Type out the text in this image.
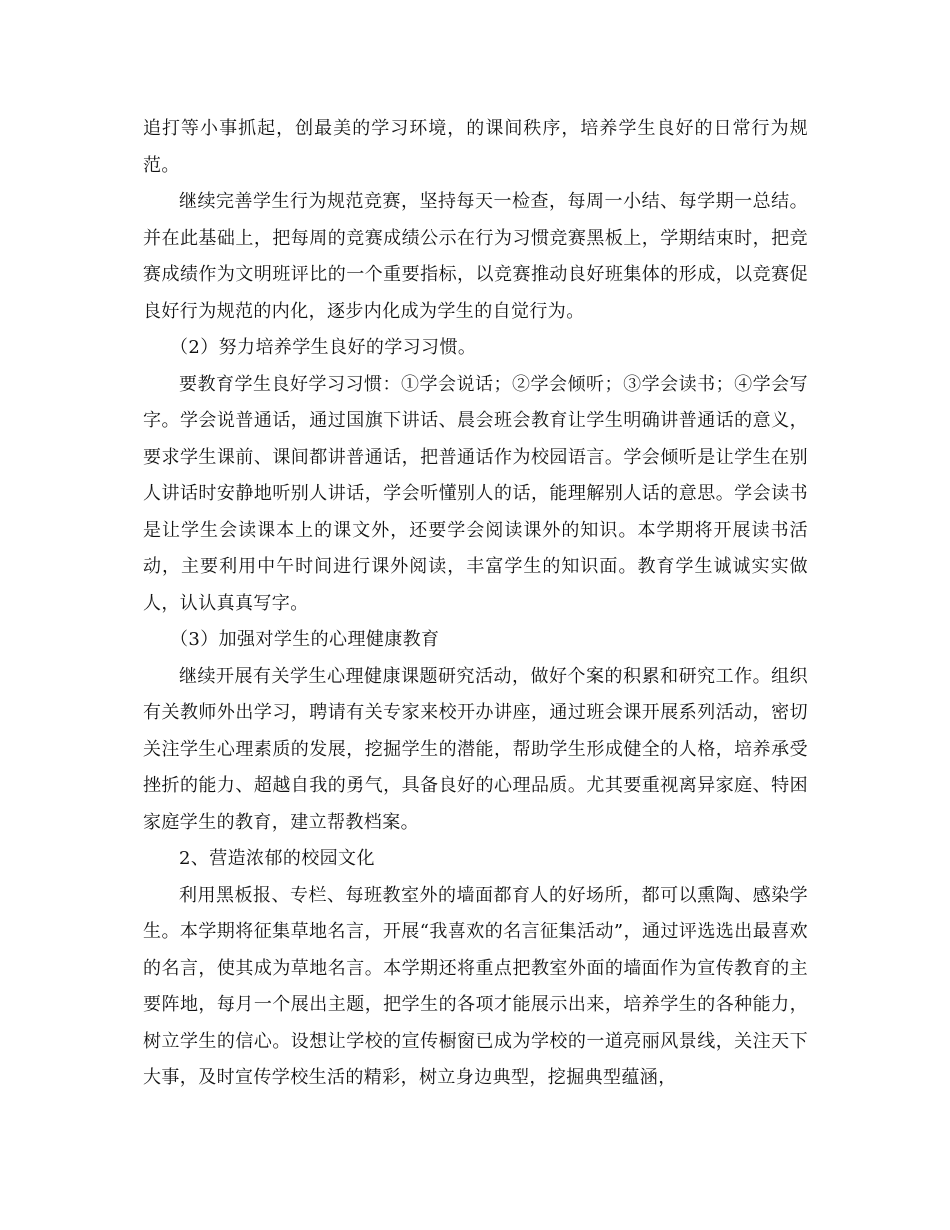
追打等小事抓起，创最美的学习环境，的课间秩序，培养学生良好的日常行为规范。

继续完善学生行为规范竞赛，坚持每天一检查，每周一小结、每学期一总结。并在此基础上，把每周的竞赛成绩公示在行为习惯竞赛黑板上，学期结束时，把竞赛成绩作为文明班评比的一个重要指标，以竞赛推动良好班集体的形成，以竞赛促良好行为规范的内化，逐步内化成为学生的自觉行为。

（2）努力培养学生良好的学习习惯。

要教育学生良好学习习惯：①学会说话；②学会倾听；③学会读书；④学会写字。学会说普通话，通过国旗下讲话、晨会班会教育让学生明确讲普通话的意义，要求学生课前、课间都讲普通话，把普通话作为校园语言。学会倾听是让学生在别人讲话时安静地听别人讲话，学会听懂别人的话，能理解别人话的意思。学会读书是让学生会读课本上的课文外，还要学会阅读课外的知识。本学期将开展读书活动，主要利用中午时间进行课外阅读，丰富学生的知识面。教育学生诚诚实实做人，认认真真写字。

（3）加强对学生的心理健康教育

继续开展有关学生心理健康课题研究活动，做好个案的积累和研究工作。组织有关教师外出学习，聘请有关专家来校开办讲座，通过班会课开展系列活动，密切关注学生心理素质的发展，挖掘学生的潜能，帮助学生形成健全的人格，培养承受挫折的能力、超越自我的勇气，具备良好的心理品质。尤其要重视离异家庭、特困家庭学生的教育，建立帮教档案。

2、营造浓郁的校园文化

利用黑板报、专栏、每班教室外的墙面都育人的好场所，都可以熏陶、感染学生。本学期将征集草地名言，开展“我喜欢的名言征集活动”，通过评选选出最喜欢的名言，使其成为草地名言。本学期还将重点把教室外面的墙面作为宣传教育的主要阵地，每月一个展出主题，把学生的各项才能展示出来，培养学生的各种能力，树立学生的信心。设想让学校的宣传橱窗已成为学校的一道亮丽风景线，关注天下大事，及时宣传学校生活的精彩，树立身边典型，挖掘典型蕴涵，
